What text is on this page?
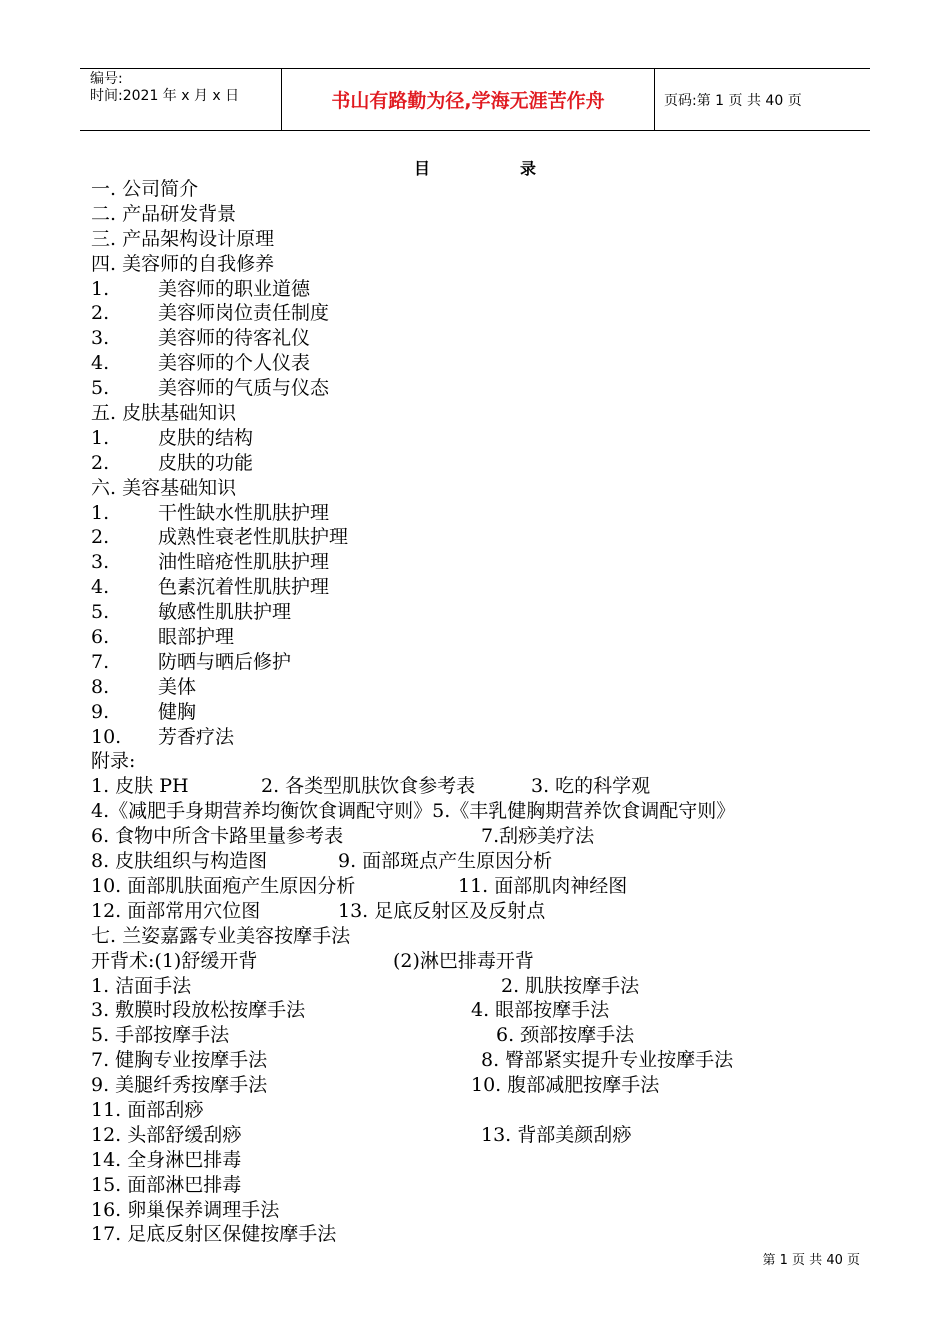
编号:
时间:2021 年 x 月 x 日	书山有路勤为径,学海无涯苦作舟	页码:第 1 页 共 40 页
目录
一. 公司简介
二. 产品研发背景
三. 产品架构设计原理
四. 美容师的自我修养
1.	美容师的职业道德
2.	美容师岗位责任制度
3.	美容师的待客礼仪
4.	美容师的个人仪表
5.	美容师的气质与仪态
五. 皮肤基础知识
1.	皮肤的结构
2.	皮肤的功能
六. 美容基础知识
1.	干性缺水性肌肤护理
2.	成熟性衰老性肌肤护理
3.	油性暗疮性肌肤护理
4.	色素沉着性肌肤护理
5.	敏感性肌肤护理
6.	眼部护理
7.	防晒与晒后修护
8.	美体
9.	健胸
10. 芳香疗法
附录:
1. 皮肤 PH	2. 各类型肌肤饮食参考表	3. 吃的科学观
4.《减肥手身期营养均衡饮食调配守则》5.《丰乳健胸期营养饮食调配守则》
6. 食物中所含卡路里量参考表	7.刮痧美疗法
8. 皮肤组织与构造图	9. 面部斑点产生原因分析
10. 面部肌肤面疱产生原因分析	11. 面部肌肉神经图
12. 面部常用穴位图	13. 足底反射区及反射点
七. 兰姿嘉露专业美容按摩手法
开背术:(1)舒缓开背	(2)淋巴排毒开背
1. 洁面手法	2. 肌肤按摩手法
3. 敷膜时段放松按摩手法	4. 眼部按摩手法
5. 手部按摩手法	6. 颈部按摩手法
7. 健胸专业按摩手法	8. 臀部紧实提升专业按摩手法
9. 美腿纤秀按摩手法	10. 腹部减肥按摩手法
11. 面部刮痧
12. 头部舒缓刮痧	13. 背部美颜刮痧
14. 全身淋巴排毒
15. 面部淋巴排毒
16. 卵巢保养调理手法
17. 足底反射区保健按摩手法
第 1 页 共 40 页
